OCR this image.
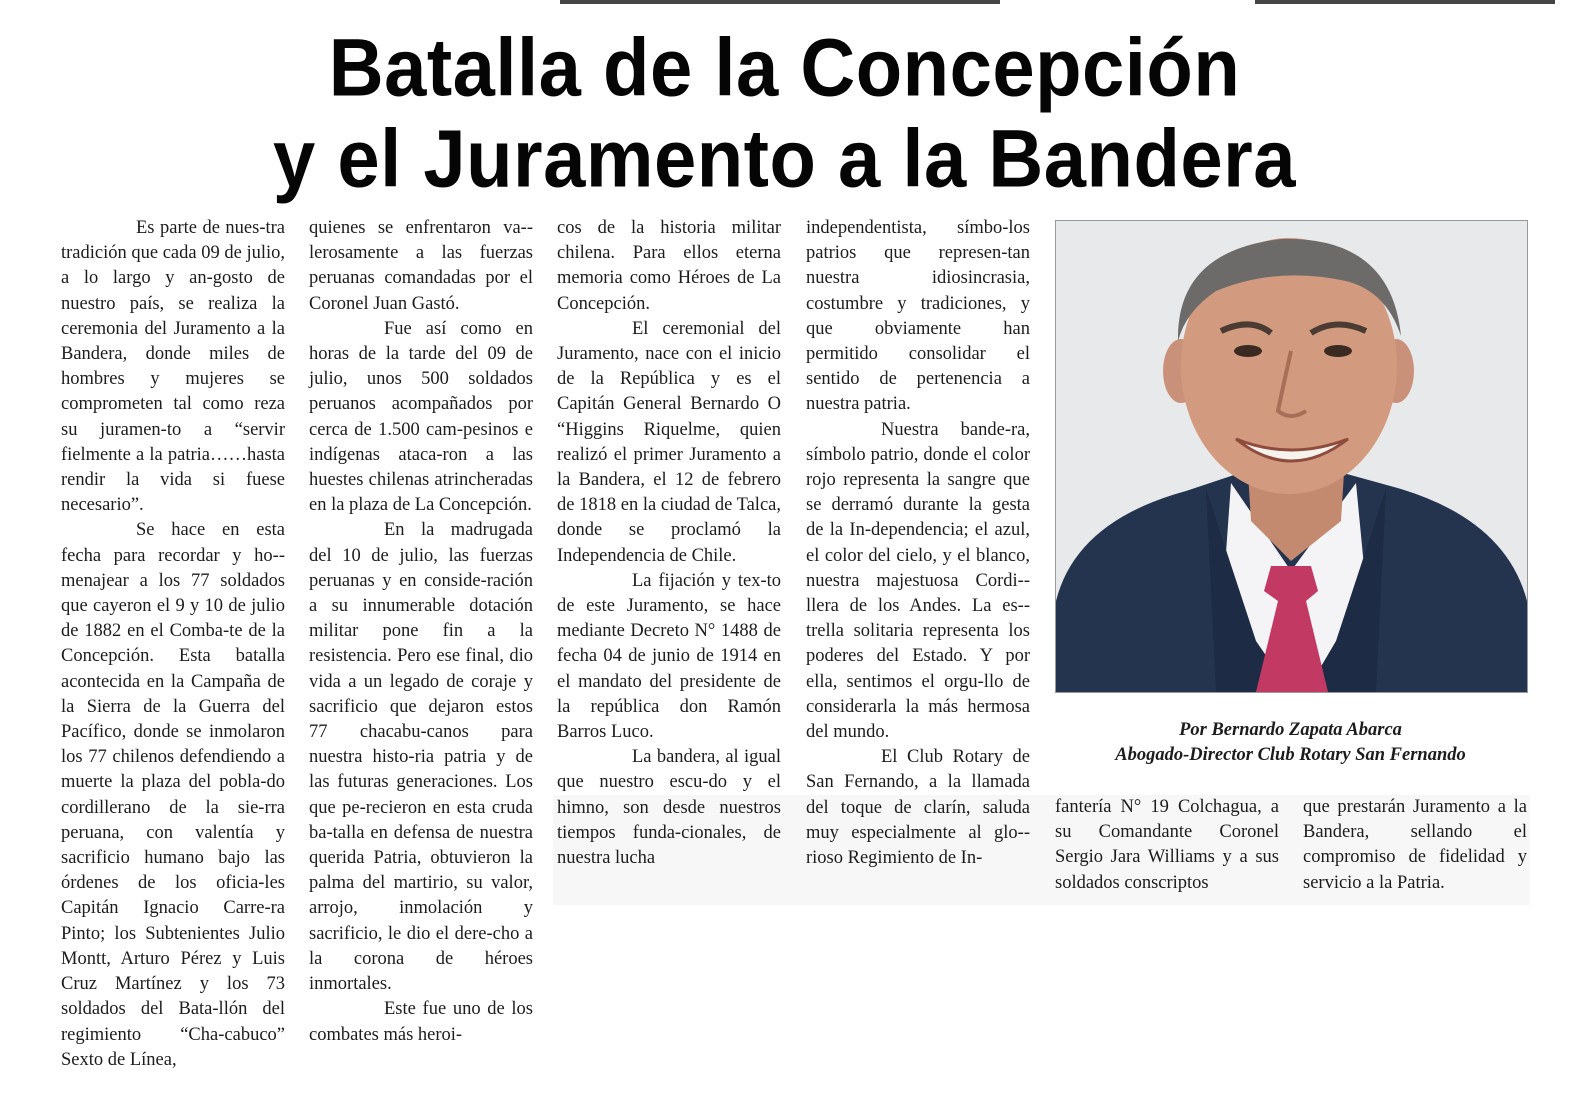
Batalla de la Concepción
y el Juramento a la Bandera

Es parte de nues-tra tradición que cada 09 de julio, a lo largo y an-gosto de nuestro país, se realiza la ceremonia del Juramento a la Bandera, donde miles de hombres y mujeres se comprometen tal como reza su juramen-to a “servir fielmente a la patria……hasta rendir la vida si fuese necesario”.

Se hace en esta fecha para recordar y ho-menajear a los 77 soldados que cayeron el 9 y 10 de julio de 1882 en el Comba-te de la Concepción. Esta batalla acontecida en la Campaña de la Sierra de la Guerra del Pacífico, donde se inmolaron los 77 chilenos defendiendo a muerte la plaza del pobla-do cordillerano de la sie-rra peruana, con valentía y sacrificio humano bajo las órdenes de los oficia-les Capitán Ignacio Carre-ra Pinto; los Subtenientes Julio Montt, Arturo Pérez y Luis Cruz Martínez y los 73 soldados del Bata-llón del regimiento “Cha-cabuco” Sexto de Línea,

quienes se enfrentaron va-lerosamente a las fuerzas peruanas comandadas por el Coronel Juan Gastó.

Fue así como en horas de la tarde del 09 de julio, unos 500 soldados peruanos acompañados por cerca de 1.500 cam-pesinos e indígenas ataca-ron a las huestes chilenas atrincheradas en la plaza de La Concepción.

En la madrugada del 10 de julio, las fuerzas peruanas y en conside-ración a su innumerable dotación militar pone fin a la resistencia. Pero ese final, dio vida a un legado de coraje y sacrificio que dejaron estos 77 chacabu-canos para nuestra histo-ria patria y de las futuras generaciones. Los que pe-recieron en esta cruda ba-talla en defensa de nuestra querida Patria, obtuvieron la palma del martirio, su valor, arrojo, inmolación y sacrificio, le dio el dere-cho a la corona de héroes inmortales.

Este fue uno de los combates más heroi-

cos de la historia militar chilena. Para ellos eterna memoria como Héroes de La Concepción.

El ceremonial del Juramento, nace con el inicio de la República y es el Capitán General Bernardo O “Higgins Riquelme, quien realizó el primer Juramento a la Bandera, el 12 de febrero de 1818 en la ciudad de Talca, donde se proclamó la Independencia de Chile.

La fijación y tex-to de este Juramento, se hace mediante Decreto N° 1488 de fecha 04 de junio de 1914 en el mandato del presidente de la república don Ramón Barros Luco.

La bandera, al igual que nuestro escu-do y el himno, son desde nuestros tiempos funda-cionales, de nuestra lucha

independentista, símbo-los patrios que represen-tan nuestra idiosincrasia, costumbre y tradiciones, y que obviamente han permitido consolidar el sentido de pertenencia a nuestra patria.

Nuestra bande-ra, símbolo patrio, donde el color rojo representa la sangre que se derramó durante la gesta de la In-dependencia; el azul, el color del cielo, y el blanco, nuestra majestuosa Cordi-llera de los Andes. La es-trella solitaria representa los poderes del Estado. Y por ella, sentimos el orgu-llo de considerarla la más hermosa del mundo.

El Club Rotary de San Fernando, a la llamada del toque de clarín, saluda muy especialmente al glo-rioso Regimiento de In-

Por Bernardo Zapata Abarca
Abogado-Director Club Rotary San Fernando

fantería N° 19 Colchagua, a su Comandante Coronel Sergio Jara Williams y a sus soldados conscriptos

que prestarán Juramento a la Bandera, sellando el compromiso de fidelidad y servicio a la Patria.
